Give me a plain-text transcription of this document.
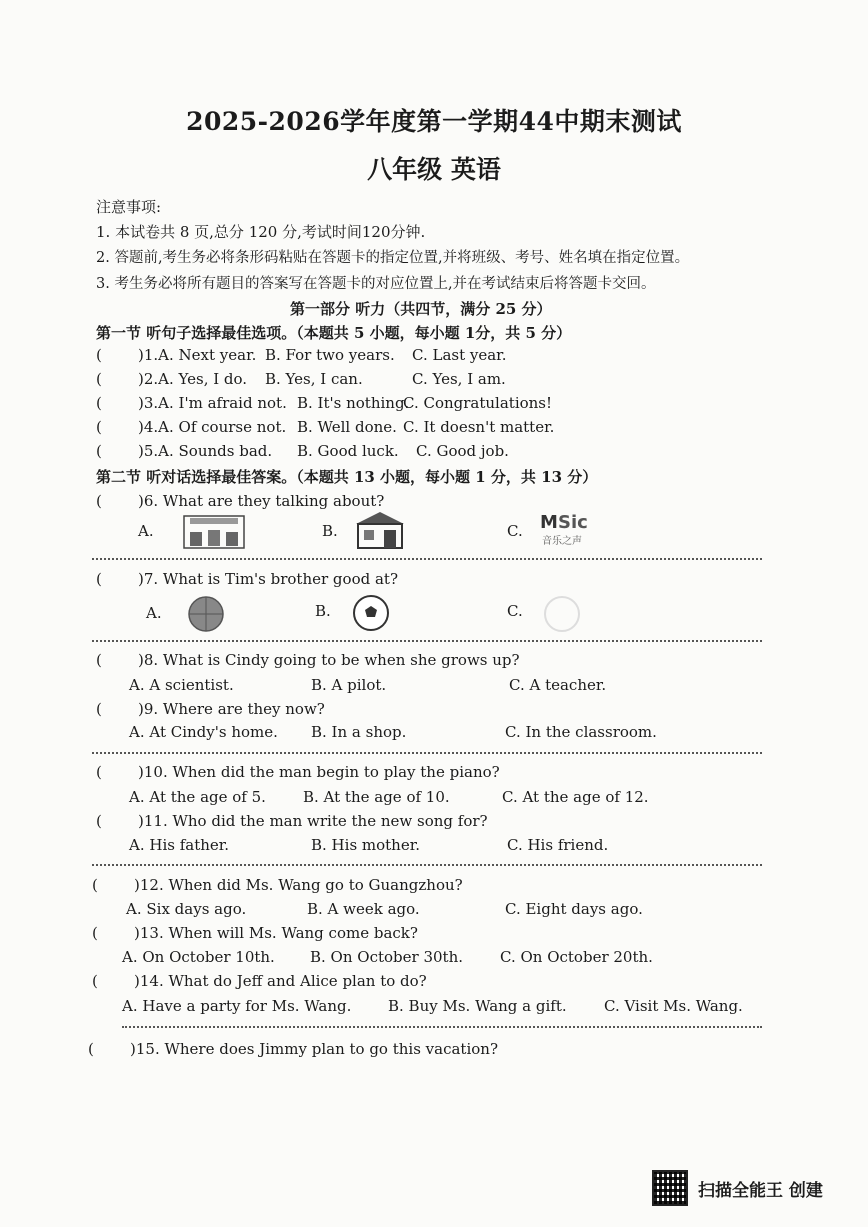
2025-2026学年度第一学期44中期末测试
八年级 英语
注意事项:
1. 本试卷共 8 页,总分 120 分,考试时间120分钟.
2. 答题前,考生务必将条形码粘贴在答题卡的指定位置,并将班级、考号、姓名填在指定位置。
3. 考生务必将所有题目的答案写在答题卡的对应位置上,并在考试结束后将答题卡交回。
第一部分 听力（共四节，满分 25 分）
第一节 听句子选择最佳选项。（本题共 5 小题，每小题 1分，共 5 分）
( )1.A. Next year. B. For two years. C. Last year.
( )2.A. Yes, I do. B. Yes, I can.	C. Yes, I am.
( )3.A. I'm afraid not. B. It's nothing.
C. Congratulations!
( )4.A. Of course not. B. Well done. C. It doesn't matter.
( )5.A. Sounds bad. B. Good luck. C. Good job.
第二节 听对话选择最佳答案。（本题共 13 小题，每小题 1 分，共 13 分）
( )6. What are they talking about?
A.	B.	C. M Sic
音乐之声
( )7. What is Tim's brother good at?
A.	B.	C.
( )8. What is Cindy going to be when she grows up?
A. A scientist.	B. A pilot.	C. A teacher.
( )9. Where are they now?
A. At Cindy's home. B. In a shop.	C. In the classroom.
( )10. When did the man begin to play the piano?
A. At the age of 5. B. At the age of 10.	C. At the age of 12.
( )11. Who did the man write the new song for?
A. His father.	B. His mother.	C. His friend.
( )12. When did Ms. Wang go to Guangzhou?
A. Six days ago.	B. A week ago.	C. Eight days ago.
( )13. When will Ms. Wang come back?
A. On October 10th. B. On October 30th. C. On October 20th.
( )14. What do Jeff and Alice plan to do?
A. Have a party for Ms. Wang. B. Buy Ms. Wang a gift. C. Visit Ms. Wang.
( )15. Where does Jimmy plan to go this vacation?
扫描全能王 创建
